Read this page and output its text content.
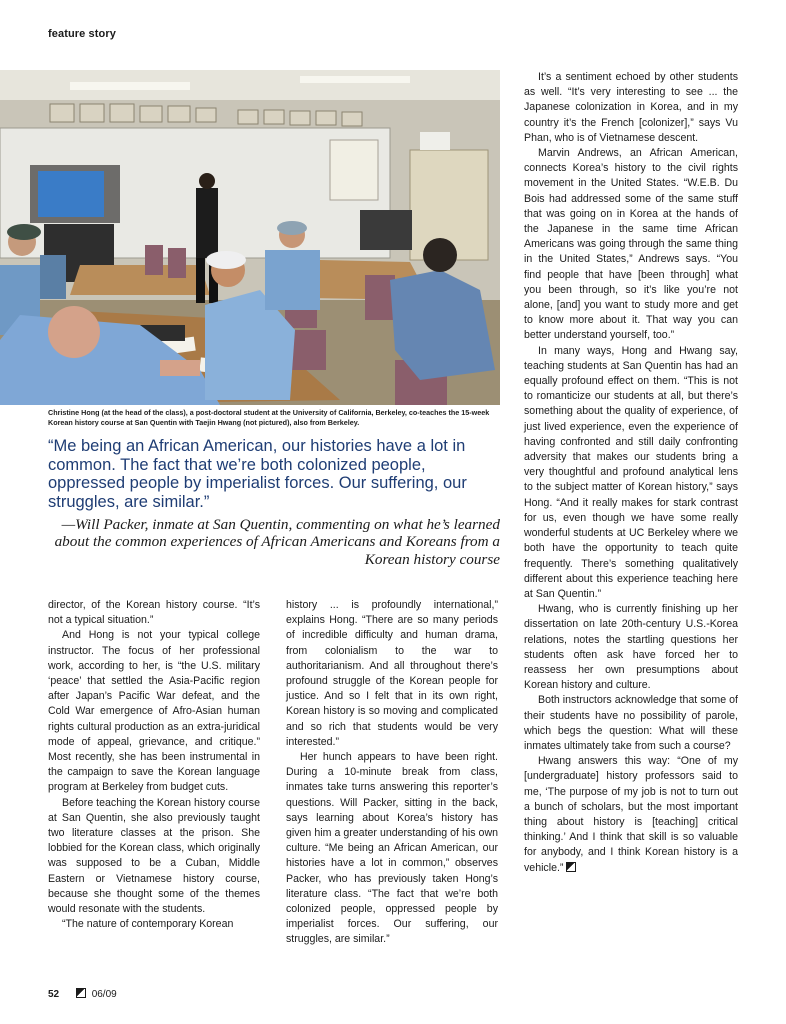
feature story
Christine Hong (at the head of the class), a post-doctoral student at the University of California, Berkeley, co-teaches the 15-week Korean history course at San Quentin with Taejin Hwang (not pictured), also from Berkeley.

“Me being an African American, our histories have a lot in common. The fact that we’re both colonized people, oppressed people by imperialist forces. Our suffering, our struggles, are similar.”

—Will Packer, inmate at San Quentin, commenting on what he’s learned about the common experiences of African Americans and Koreans from a Korean history course

director, of the Korean history course. “It’s not a typical situation.”

And Hong is not your typical college instructor. The focus of her professional work, according to her, is “the U.S. military ‘peace’ that settled the Asia-Pacific region after Japan’s Pacific War defeat, and the Cold War emergence of Afro-Asian human rights cultural production as an extra-juridical mode of appeal, grievance, and critique.” Most recently, she has been instrumental in the campaign to save the Korean language program at Berkeley from budget cuts.

Before teaching the Korean history course at San Quentin, she also previously taught two literature classes at the prison. She lobbied for the Korean class, which originally was supposed to be a Cuban, Middle Eastern or Vietnamese history course, because she thought some of the themes would resonate with the students.

“The nature of contemporary Korean

history ... is profoundly international,” explains Hong. “There are so many periods of incredible difficulty and human drama, from colonialism to the war to authoritarianism. And all throughout there’s profound struggle of the Korean people for justice. And so I felt that in its own right, Korean history is so moving and complicated and so rich that students would be very interested.”

Her hunch appears to have been right. During a 10-minute break from class, inmates take turns answering this reporter’s questions. Will Packer, sitting in the back, says learning about Korea’s history has given him a greater understanding of his own culture. “Me being an African American, our histories have a lot in common,” observes Packer, who has previously taken Hong’s literature class. “The fact that we’re both colonized people, oppressed people by imperialist forces. Our suffering, our struggles, are similar.”

It’s a sentiment echoed by other students as well. “It’s very interesting to see ... the Japanese colonization in Korea, and in my country it’s the French [colonizer],” says Vu Phan, who is of Vietnamese descent.

Marvin Andrews, an African American, connects Korea’s history to the civil rights movement in the United States. “W.E.B. Du Bois had addressed some of the same stuff that was going on in Korea at the hands of the Japanese in the same time African Americans was going through the same thing in the United States,” Andrews says. “You find people that have [been through] what you been through, so it’s like you’re not alone, [and] you want to study more and get to know more about it. That way you can better understand yourself, too.”

In many ways, Hong and Hwang say, teaching students at San Quentin has had an equally profound effect on them. “This is not to romanticize our students at all, but there’s something about the quality of experience, of just lived experience, even the experience of having confronted and still daily confronting adversity that makes our students bring a very thoughtful and profound analytical lens to the subject matter of Korean history,” says Hong. “And it really makes for stark contrast for us, even though we have some really wonderful students at UC Berkeley where we both have the opportunity to teach quite frequently. There’s something qualitatively different about this experience teaching here at San Quentin.”

Hwang, who is currently finishing up her dissertation on late 20th-century U.S.-Korea relations, notes the startling questions her students often ask have forced her to reassess her own presumptions about Korean history and culture.

Both instructors acknowledge that some of their students have no possibility of parole, which begs the question: What will these inmates ultimately take from such a course?

Hwang answers this way: “One of my [undergraduate] history professors said to me, ‘The purpose of my job is not to turn out a bunch of scholars, but the most important thing about history is [teaching] critical thinking.’ And I think that skill is so valuable for anybody, and I think Korean history is a vehicle.”

52	06/09
